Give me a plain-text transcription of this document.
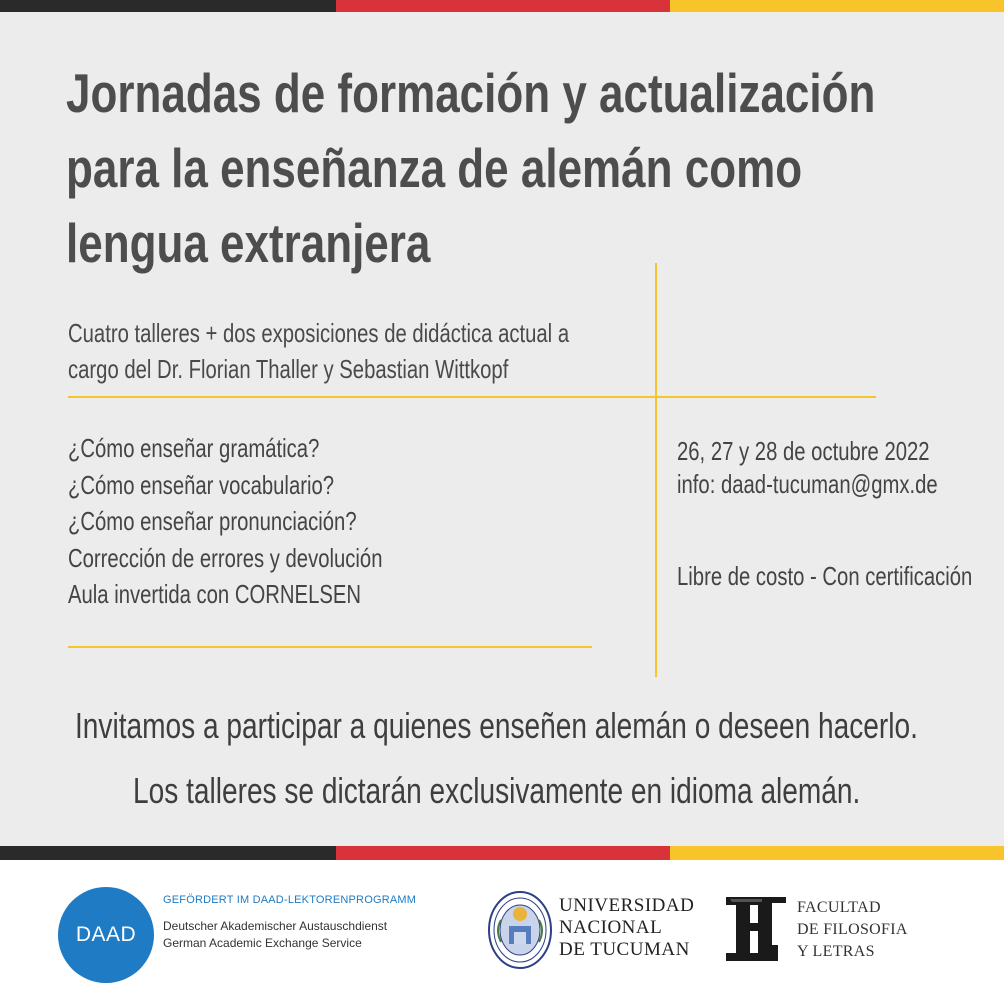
Jornadas de formación y actualización
para la enseñanza de alemán como
lengua extranjera
Cuatro talleres + dos exposiciones de didáctica actual a
cargo del Dr. Florian Thaller y Sebastian Wittkopf
¿Cómo enseñar gramática?
¿Cómo enseñar vocabulario?
¿Cómo enseñar pronunciación?
Corrección de errores y devolución
Aula invertida con CORNELSEN
26, 27 y 28 de octubre 2022
info: daad-tucuman@gmx.de
Libre de costo - Con certificación
Invitamos a participar a quienes enseñen alemán o deseen hacerlo.
Los talleres se dictarán exclusivamente en idioma alemán.
DAAD
GEFÖRDERT IM DAAD-LEKTORENPROGRAMM
Deutscher Akademischer Austauschdienst
German Academic Exchange Service
UNIVERSIDAD
NACIONAL
DE TUCUMAN
FACULTAD
DE FILOSOFIA
Y LETRAS
